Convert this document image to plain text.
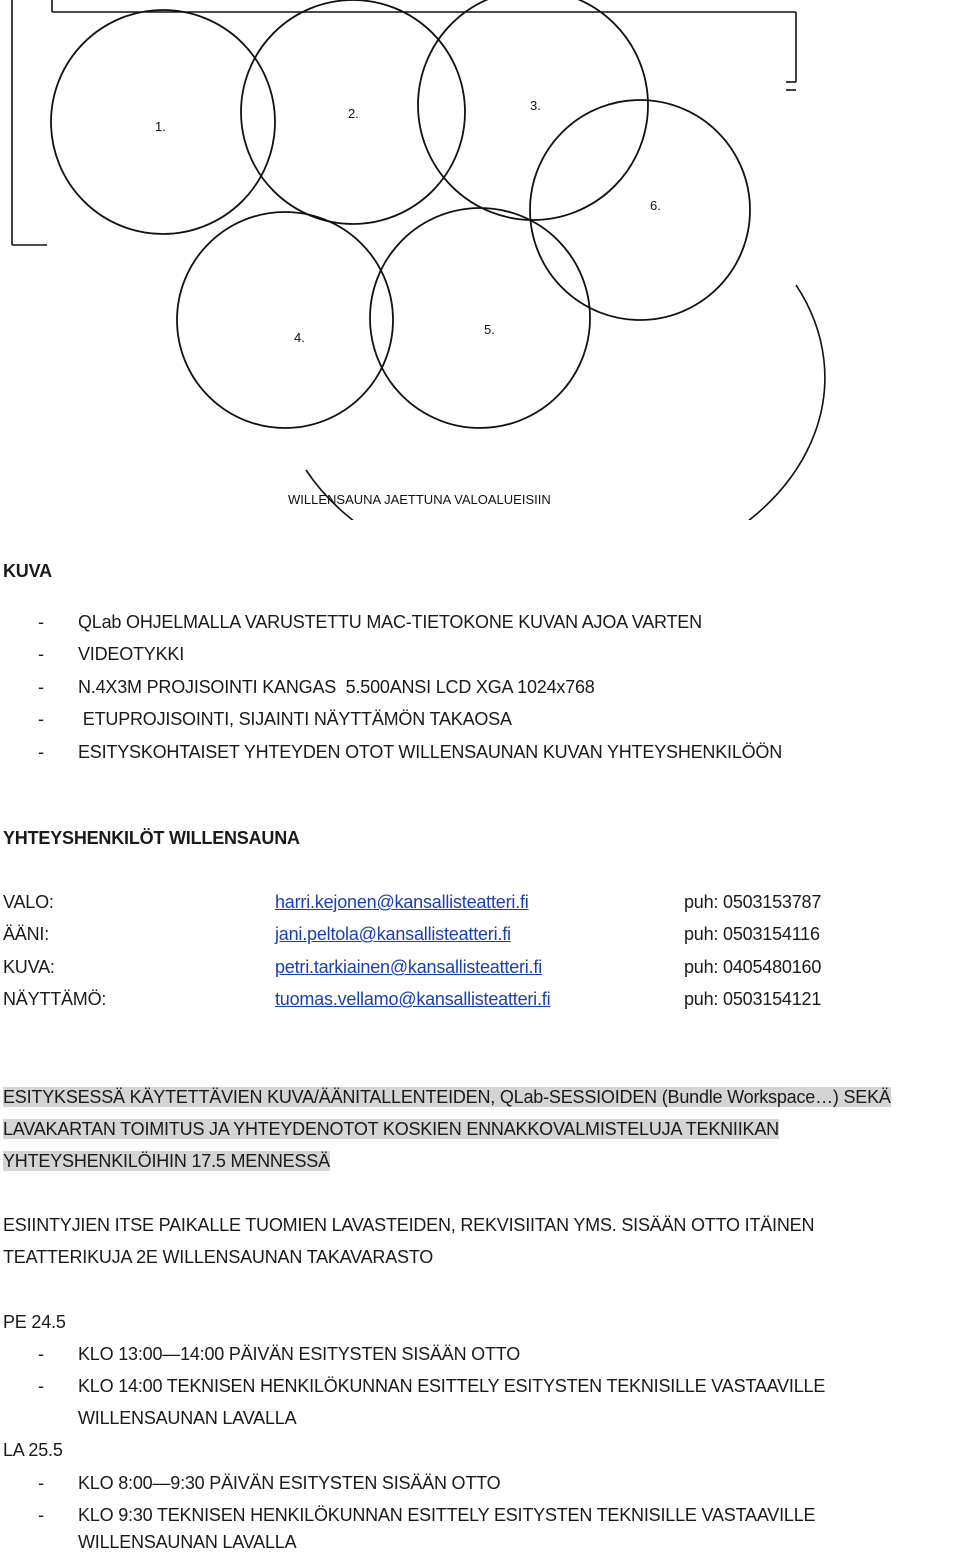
1.
2.
3.
4.
5.
6.
WILLENSAUNA JAETTUNA VALOALUEISIIN
KUVA
- QLab OHJELMALLA VARUSTETTU MAC-TIETOKONE KUVAN AJOA VARTEN
- VIDEOTYKKI
- N.4X3M PROJISOINTI KANGAS  5.500ANSI LCD XGA 1024x768
- ETUPROJISOINTI, SIJAINTI NÄYTTÄMÖN TAKAOSA
- ESITYSKOHTAISET YHTEYDEN OTOT WILLENSAUNAN KUVAN YHTEYSHENKILÖÖN
YHTEYSHENKILÖT WILLENSAUNA
VALO:	harri.kejonen@kansallisteatteri.fi	puh: 0503153787
ÄÄNI:	jani.peltola@kansallisteatteri.fi	puh: 0503154116
KUVA:	petri.tarkiainen@kansallisteatteri.fi	puh: 0405480160
NÄYTTÄMÖ:	tuomas.vellamo@kansallisteatteri.fi	puh: 0503154121
ESITYKSESSÄ KÄYTETTÄVIEN KUVA/ÄÄNITALLENTEIDEN, QLab-SESSIOIDEN (Bundle Workspace…) SEKÄ
LAVAKARTAN TOIMITUS JA YHTEYDENOTOT KOSKIEN ENNAKKOVALMISTELUJA TEKNIIKAN
YHTEYSHENKILÖIHIN 17.5 MENNESSÄ
ESIINTYJIEN ITSE PAIKALLE TUOMIEN LAVASTEIDEN, REKVISIITAN YMS. SISÄÄN OTTO ITÄINEN
TEATTERIKUJA 2E WILLENSAUNAN TAKAVARASTO
PE 24.5
- KLO 13:00—14:00 PÄIVÄN ESITYSTEN SISÄÄN OTTO
- KLO 14:00 TEKNISEN HENKILÖKUNNAN ESITTELY ESITYSTEN TEKNISILLE VASTAAVILLE
WILLENSAUNAN LAVALLA
LA 25.5
- KLO 8:00—9:30 PÄIVÄN ESITYSTEN SISÄÄN OTTO
- KLO 9:30 TEKNISEN HENKILÖKUNNAN ESITTELY ESITYSTEN TEKNISILLE VASTAAVILLE
WILLENSAUNAN LAVALLA
